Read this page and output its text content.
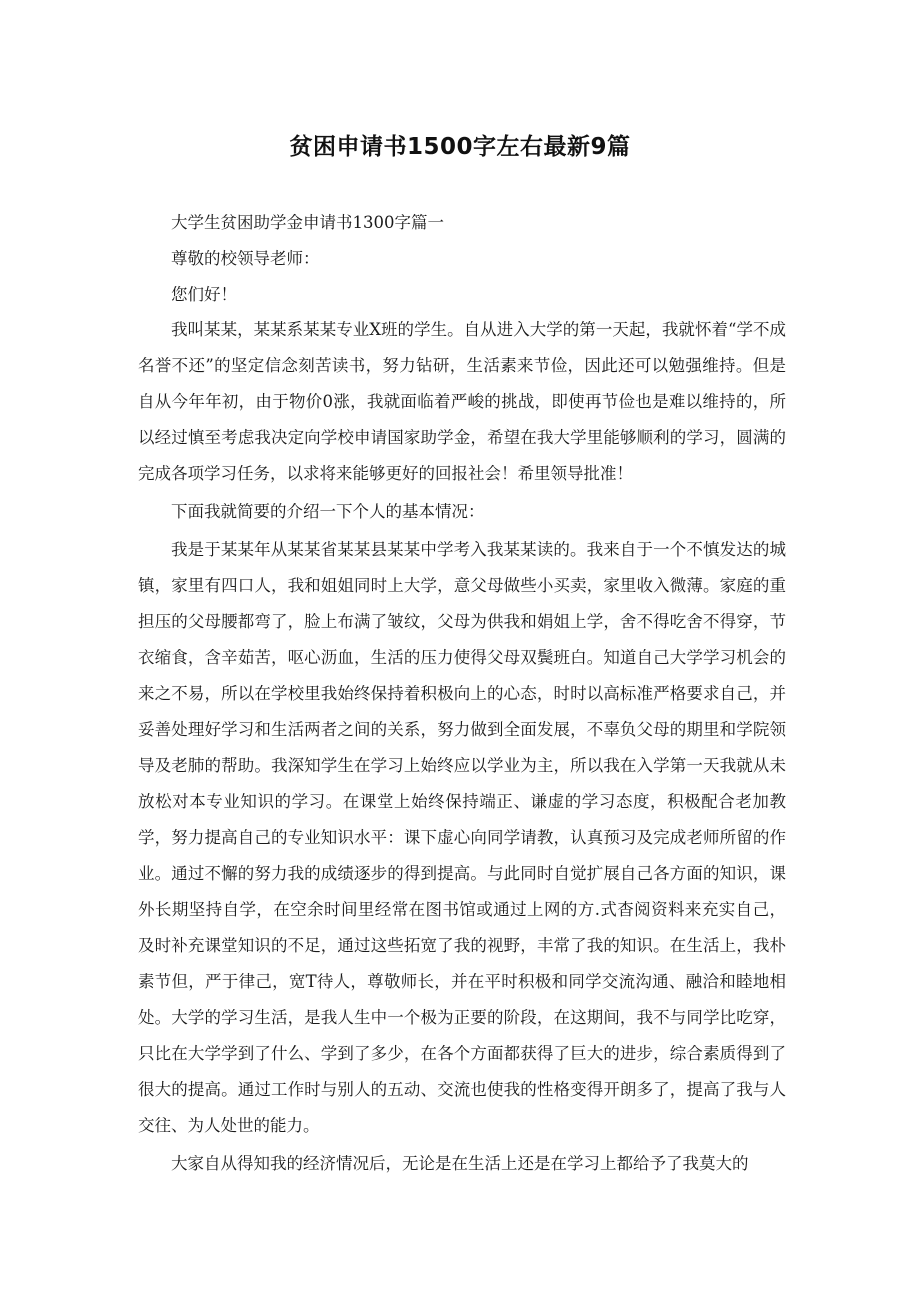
贫困申请书1500字左右最新9篇

大学生贫困助学金申请书1300字篇一

尊敬的校领导老师：

您们好！

我叫某某，某某系某某专业X班的学生。自从进入大学的第一天起，我就怀着“学不成名誉不还”的坚定信念刻苦读书，努力钻研，生活素来节俭，因此还可以勉强维持。但是自从今年年初，由于物价0涨，我就面临着严峻的挑战，即使再节俭也是难以维持的，所以经过慎至考虑我决定向学校申请国家助学金，希望在我大学里能够顺利的学习，圆满的完成各项学习任务，以求将来能够更好的回报社会！希里领导批准！

下面我就简要的介绍一下个人的基本情况：

我是于某某年从某某省某某县某某中学考入我某某读的。我来自于一个不慎发达的城镇，家里有四口人，我和姐姐同时上大学，意父母做些小买卖，家里收入微薄。家庭的重担压的父母腰都弯了，脸上布满了皱纹，父母为供我和娟姐上学，舍不得吃舍不得穿，节衣缩食，含辛茹苦，呕心沥血，生活的压力使得父母双鬓班白。知道自己大学学习机会的来之不易，所以在学校里我始终保持着积极向上的心态，时时以高标准严格要求自己，并妥善处理好学习和生活两者之间的关系，努力做到全面发展，不辜负父母的期里和学院领导及老肺的帮助。我深知学生在学习上始终应以学业为主，所以我在入学第一天我就从未放松对本专业知识的学习。在课堂上始终保持端正、谦虚的学习态度，积极配合老加教学，努力提高自己的专业知识水平：课下虚心向同学请教，认真预习及完成老师所留的作业。通过不懈的努力我的成绩逐步的得到提高。与此同时自觉扩展自己各方面的知识，课外长期坚持自学，在空余时间里经常在图书馆或通过上网的方.式杳阅资料来充实自己，及时补充课堂知识的不足，通过这些拓宽了我的视野，丰常了我的知识。在生活上，我朴素节但，严于律己，宽T待人，尊敬师长，并在平时积极和同学交流沟通、融洽和睦地相处。大学的学习生活，是我人生中一个极为正要的阶段，在这期间，我不与同学比吃穿，只比在大学学到了什么、学到了多少，在各个方面都获得了巨大的进步，综合素质得到了很大的提高。通过工作时与别人的五动、交流也使我的性格变得开朗多了，提高了我与人交往、为人处世的能力。

大家自从得知我的经济情况后，无论是在生活上还是在学习上都给予了我莫大的
